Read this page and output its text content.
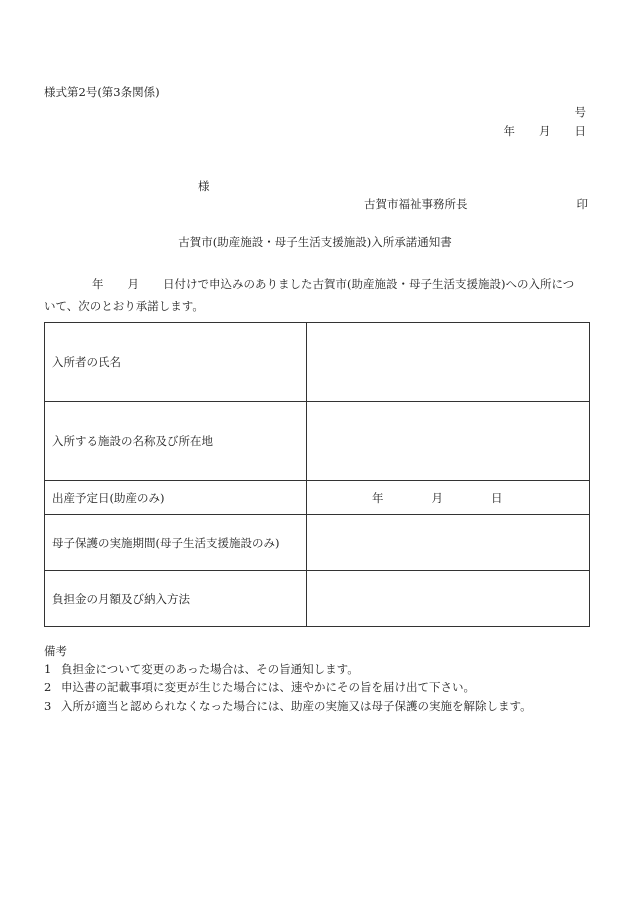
様式第2号(第3条関係)
号
年 月 日
様
古賀市福祉事務所長	印
古賀市(助産施設・母子生活支援施設)入所承諾通知書
年 月 日付けで申込みのありました古賀市(助産施設・母子生活支援施設)への入所につ
いて、次のとおり承諾します。
入所者の氏名	
入所する施設の名称及び所在地	
出産予定日(助産のみ)	年 月 日
母子保護の実施期間(母子生活支援施設のみ)	
負担金の月額及び納入方法	
備考
1 負担金について変更のあった場合は、その旨通知します。
2 申込書の記載事項に変更が生じた場合には、速やかにその旨を届け出て下さい。
3 入所が適当と認められなくなった場合には、助産の実施又は母子保護の実施を解除します。
